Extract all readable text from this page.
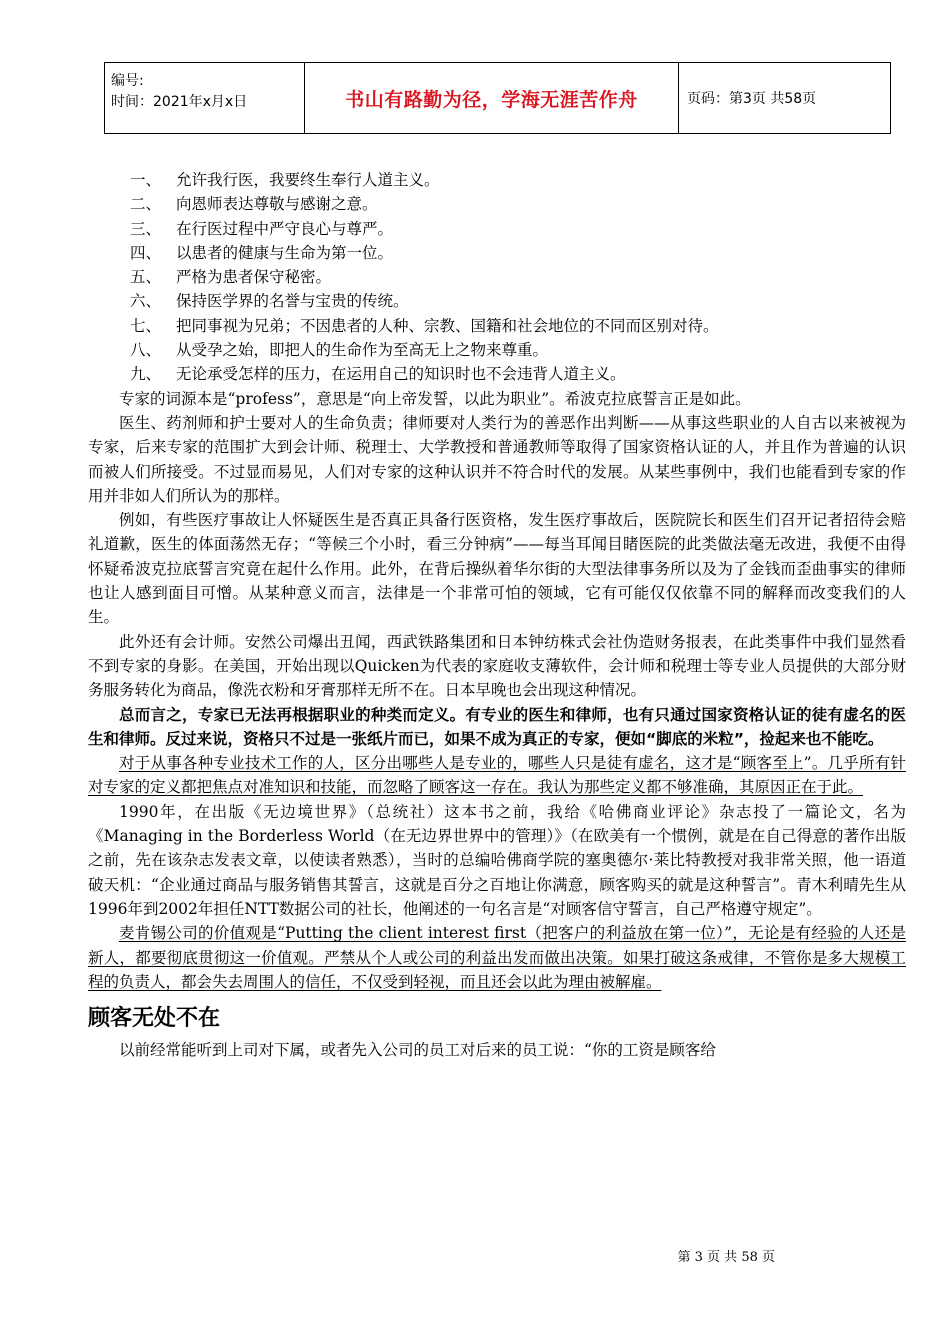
编号:
时间：2021年x月x日	书山有路勤为径，学海无涯苦作舟	页码：第3页 共58页

一、 允许我行医，我要终生奉行人道主义。

二、 向恩师表达尊敬与感谢之意。

三、 在行医过程中严守良心与尊严。

四、 以患者的健康与生命为第一位。

五、 严格为患者保守秘密。

六、 保持医学界的名誉与宝贵的传统。

七、 把同事视为兄弟；不因患者的人种、宗教、国籍和社会地位的不同而区别对待。

八、 从受孕之始，即把人的生命作为至高无上之物来尊重。

九、 无论承受怎样的压力，在运用自己的知识时也不会违背人道主义。

专家的词源本是“profess”，意思是“向上帝发誓，以此为职业”。希波克拉底誓言正是如此。

医生、药剂师和护士要对人的生命负责；律师要对人类行为的善恶作出判断——从事这些职业的人自古以来被视为专家，后来专家的范围扩大到会计师、税理士、大学教授和普通教师等取得了国家资格认证的人，并且作为普遍的认识而被人们所接受。不过显而易见，人们对专家的这种认识并不符合时代的发展。从某些事例中，我们也能看到专家的作用并非如人们所认为的那样。

例如，有些医疗事故让人怀疑医生是否真正具备行医资格，发生医疗事故后，医院院长和医生们召开记者招待会赔礼道歉，医生的体面荡然无存；“等候三个小时，看三分钟病”——每当耳闻目睹医院的此类做法毫无改进，我便不由得怀疑希波克拉底誓言究竟在起什么作用。此外，在背后操纵着华尔街的大型法律事务所以及为了金钱而歪曲事实的律师也让人感到面目可憎。从某种意义而言，法律是一个非常可怕的领域，它有可能仅仅依靠不同的解释而改变我们的人生。

此外还有会计师。安然公司爆出丑闻，西武铁路集团和日本钟纺株式会社伪造财务报表，在此类事件中我们显然看不到专家的身影。在美国，开始出现以Quicken为代表的家庭收支薄软件，会计师和税理士等专业人员提供的大部分财务服务转化为商品，像洗衣粉和牙膏那样无所不在。日本早晚也会出现这种情况。

总而言之，专家已无法再根据职业的种类而定义。有专业的医生和律师，也有只通过国家资格认证的徒有虚名的医生和律师。反过来说，资格只不过是一张纸片而已，如果不成为真正的专家，便如“脚底的米粒”，捡起来也不能吃。

对于从事各种专业技术工作的人，区分出哪些人是专业的，哪些人只是徒有虚名，这才是“顾客至上”。几乎所有针对专家的定义都把焦点对准知识和技能，而忽略了顾客这一存在。我认为那些定义都不够准确，其原因正在于此。

1990年，在出版《无边境世界》（总统社）这本书之前，我给《哈佛商业评论》杂志投了一篇论文，名为《Managing in the Borderless World（在无边界世界中的管理）》（在欧美有一个惯例，就是在自己得意的著作出版之前，先在该杂志发表文章，以使读者熟悉），当时的总编哈佛商学院的塞奥德尔·莱比特教授对我非常关照，他一语道破天机：“企业通过商品与服务销售其誓言，这就是百分之百地让你满意，顾客购买的就是这种誓言”。青木利晴先生从1996年到2002年担任NTT数据公司的社长，他阐述的一句名言是“对顾客信守誓言，自己严格遵守规定”。

麦肯锡公司的价值观是“Putting the client interest first（把客户的利益放在第一位）”，无论是有经验的人还是新人，都要彻底贯彻这一价值观。严禁从个人或公司的利益出发而做出决策。如果打破这条戒律，不管你是多大规模工程的负责人，都会失去周围人的信任，不仅受到轻视，而且还会以此为理由被解雇。

顾客无处不在

以前经常能听到上司对下属，或者先入公司的员工对后来的员工说：“你的工资是顾客给

第 3 页 共 58 页
